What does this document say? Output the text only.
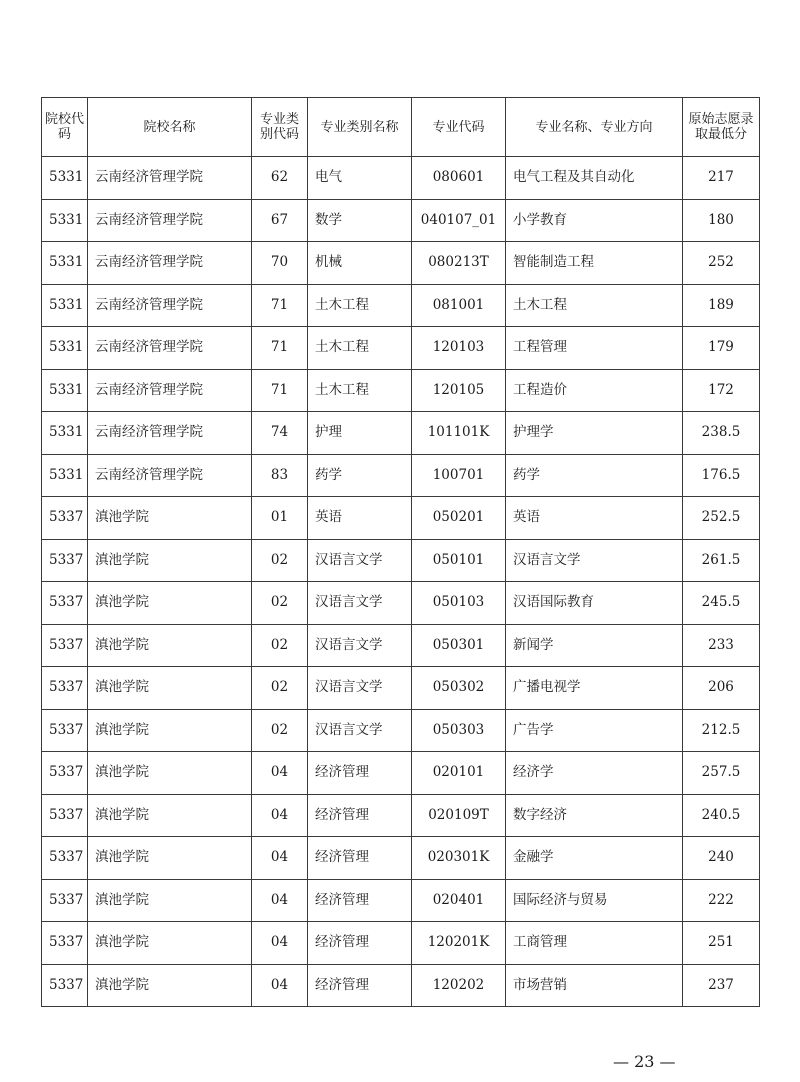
院校代码	院校名称	专业类别代码	专业类别名称	专业代码	专业名称、专业方向	原始志愿录取最低分
5331	云南经济管理学院	62	电气	080601	电气工程及其自动化	217
5331	云南经济管理学院	67	数学	040107_01	小学教育	180
5331	云南经济管理学院	70	机械	080213T	智能制造工程	252
5331	云南经济管理学院	71	土木工程	081001	土木工程	189
5331	云南经济管理学院	71	土木工程	120103	工程管理	179
5331	云南经济管理学院	71	土木工程	120105	工程造价	172
5331	云南经济管理学院	74	护理	101101K	护理学	238.5
5331	云南经济管理学院	83	药学	100701	药学	176.5
5337	滇池学院	01	英语	050201	英语	252.5
5337	滇池学院	02	汉语言文学	050101	汉语言文学	261.5
5337	滇池学院	02	汉语言文学	050103	汉语国际教育	245.5
5337	滇池学院	02	汉语言文学	050301	新闻学	233
5337	滇池学院	02	汉语言文学	050302	广播电视学	206
5337	滇池学院	02	汉语言文学	050303	广告学	212.5
5337	滇池学院	04	经济管理	020101	经济学	257.5
5337	滇池学院	04	经济管理	020109T	数字经济	240.5
5337	滇池学院	04	经济管理	020301K	金融学	240
5337	滇池学院	04	经济管理	020401	国际经济与贸易	222
5337	滇池学院	04	经济管理	120201K	工商管理	251
5337	滇池学院	04	经济管理	120202	市场营销	237
— 23 —
